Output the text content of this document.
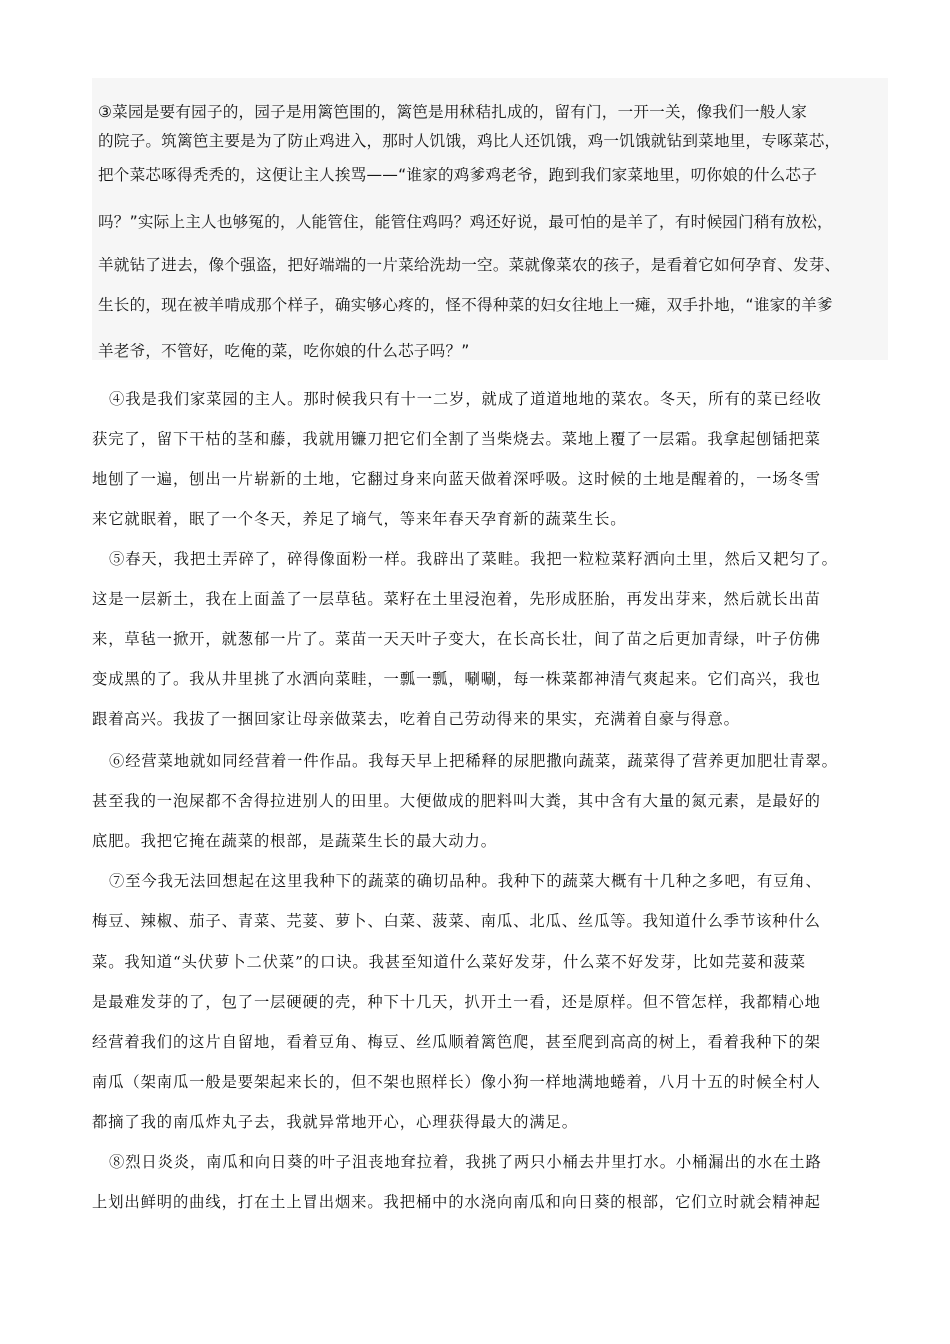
③菜园是要有园子的，园子是用篱笆围的，篱笆是用秫秸扎成的，留有门，一开一关，像我们一般人家
的院子。筑篱笆主要是为了防止鸡进入，那时人饥饿，鸡比人还饥饿，鸡一饥饿就钻到菜地里，专啄菜芯，
把个菜芯啄得秃秃的，这便让主人挨骂——“谁家的鸡爹鸡老爷，跑到我们家菜地里，叨你娘的什么芯子
吗？”实际上主人也够冤的，人能管住，能管住鸡吗？鸡还好说，最可怕的是羊了，有时候园门稍有放松，
羊就钻了进去，像个强盗，把好端端的一片菜给洗劫一空。菜就像菜农的孩子，是看着它如何孕育、发芽、
生长的，现在被羊啃成那个样子，确实够心疼的，怪不得种菜的妇女往地上一瘫，双手扑地，“谁家的羊爹
羊老爷，不管好，吃俺的菜，吃你娘的什么芯子吗？”
④我是我们家菜园的主人。那时候我只有十一二岁，就成了道道地地的菜农。冬天，所有的菜已经收
获完了，留下干枯的茎和藤，我就用镰刀把它们全割了当柴烧去。菜地上覆了一层霜。我拿起刨锸把菜
地刨了一遍，刨出一片崭新的土地，它翻过身来向蓝天做着深呼吸。这时候的土地是醒着的，一场冬雪
来它就眠着，眠了一个冬天，养足了墒气，等来年春天孕育新的蔬菜生长。
⑤春天，我把土弄碎了，碎得像面粉一样。我辟出了菜畦。我把一粒粒菜籽洒向土里，然后又耙匀了。
这是一层新土，我在上面盖了一层草毡。菜籽在土里浸泡着，先形成胚胎，再发出芽来，然后就长出苗
来，草毡一掀开，就葱郁一片了。菜苗一天天叶子变大，在长高长壮，间了苗之后更加青绿，叶子仿佛
变成黑的了。我从井里挑了水洒向菜畦，一瓢一瓢，唰唰，每一株菜都神清气爽起来。它们高兴，我也
跟着高兴。我拔了一捆回家让母亲做菜去，吃着自己劳动得来的果实，充满着自豪与得意。
⑥经营菜地就如同经营着一件作品。我每天早上把稀释的尿肥撒向蔬菜，蔬菜得了营养更加肥壮青翠。
甚至我的一泡屎都不舍得拉进别人的田里。大便做成的肥料叫大粪，其中含有大量的氮元素，是最好的
底肥。我把它掩在蔬菜的根部，是蔬菜生长的最大动力。
⑦至今我无法回想起在这里我种下的蔬菜的确切品种。我种下的蔬菜大概有十几种之多吧，有豆角、
梅豆、辣椒、茄子、青菜、芫荽、萝卜、白菜、菠菜、南瓜、北瓜、丝瓜等。我知道什么季节该种什么
菜。我知道“头伏萝卜二伏菜”的口诀。我甚至知道什么菜好发芽，什么菜不好发芽，比如芫荽和菠菜
是最难发芽的了，包了一层硬硬的壳，种下十几天，扒开土一看，还是原样。但不管怎样，我都精心地
经营着我们的这片自留地，看着豆角、梅豆、丝瓜顺着篱笆爬，甚至爬到高高的树上，看着我种下的架
南瓜（架南瓜一般是要架起来长的，但不架也照样长）像小狗一样地满地蜷着，八月十五的时候全村人
都摘了我的南瓜炸丸子去，我就异常地开心，心理获得最大的满足。
⑧烈日炎炎，南瓜和向日葵的叶子沮丧地耷拉着，我挑了两只小桶去井里打水。小桶漏出的水在土路
上划出鲜明的曲线，打在土上冒出烟来。我把桶中的水浇向南瓜和向日葵的根部，它们立时就会精神起
